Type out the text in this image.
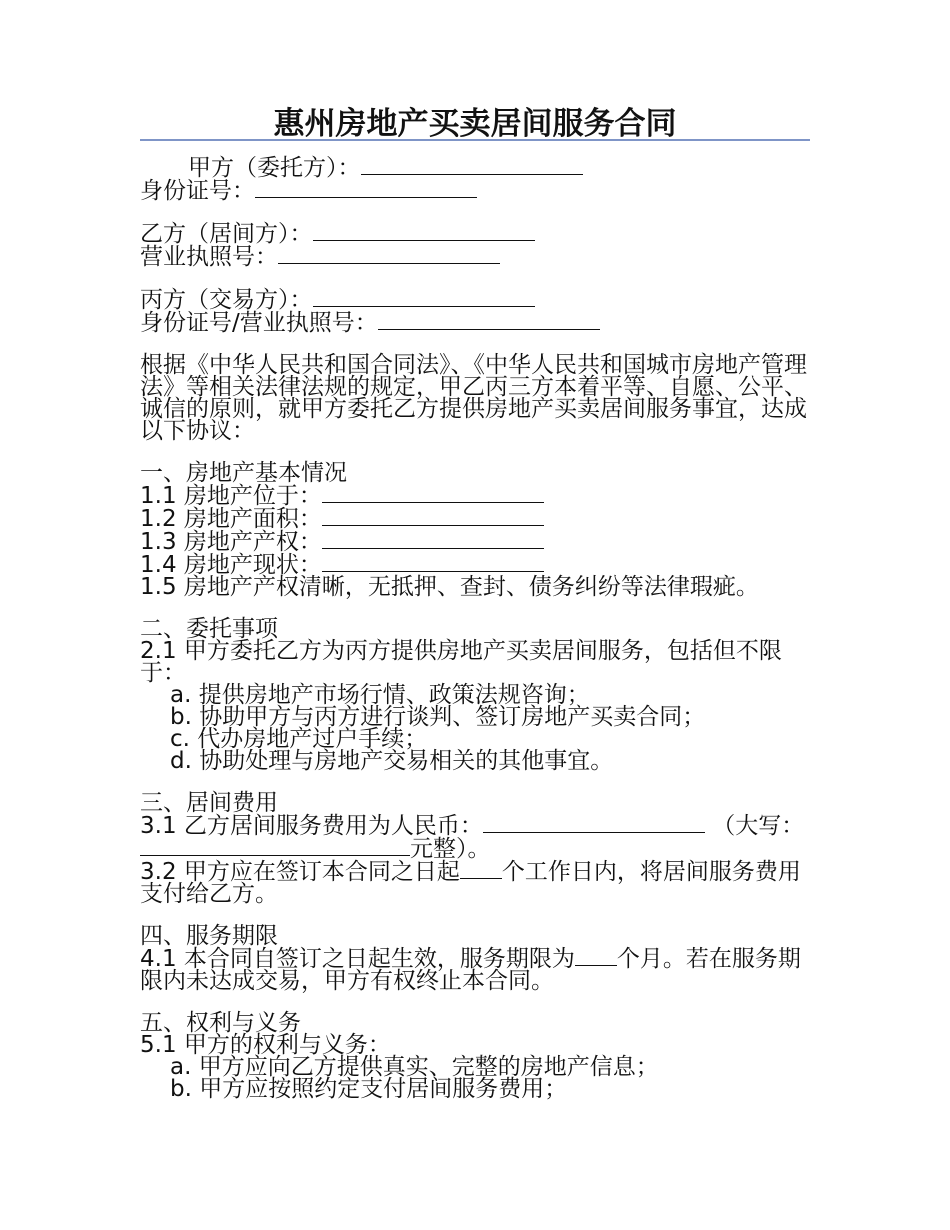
惠州房地产买卖居间服务合同
甲方（委托方）：
身份证号：
乙方（居间方）：
营业执照号：
丙方（交易方）：
身份证号/营业执照号：
根据《中华人民共和国合同法》、《中华人民共和国城市房地产管理法》等相关法律法规的规定，甲乙丙三方本着平等、自愿、公平、诚信的原则，就甲方委托乙方提供房地产买卖居间服务事宜，达成以下协议：
一、房地产基本情况
1.1 房地产位于：
1.2 房地产面积：
1.3 房地产产权：
1.4 房地产现状：
1.5 房地产产权清晰，无抵押、查封、债务纠纷等法律瑕疵。
二、委托事项
2.1 甲方委托乙方为丙方提供房地产买卖居间服务，包括但不限于：
a. 提供房地产市场行情、政策法规咨询；
b. 协助甲方与丙方进行谈判、签订房地产买卖合同；
c. 代办房地产过户手续；
d. 协助处理与房地产交易相关的其他事宜。
三、居间费用
3.1 乙方居间服务费用为人民币：	（大写：元整）。
3.2 甲方应在签订本合同之日起 个工作日内，将居间服务费用支付给乙方。
四、服务期限
4.1 本合同自签订之日起生效，服务期限为 个月。若在服务期限内未达成交易，甲方有权终止本合同。
五、权利与义务
5.1 甲方的权利与义务：
a. 甲方应向乙方提供真实、完整的房地产信息；
b. 甲方应按照约定支付居间服务费用；
